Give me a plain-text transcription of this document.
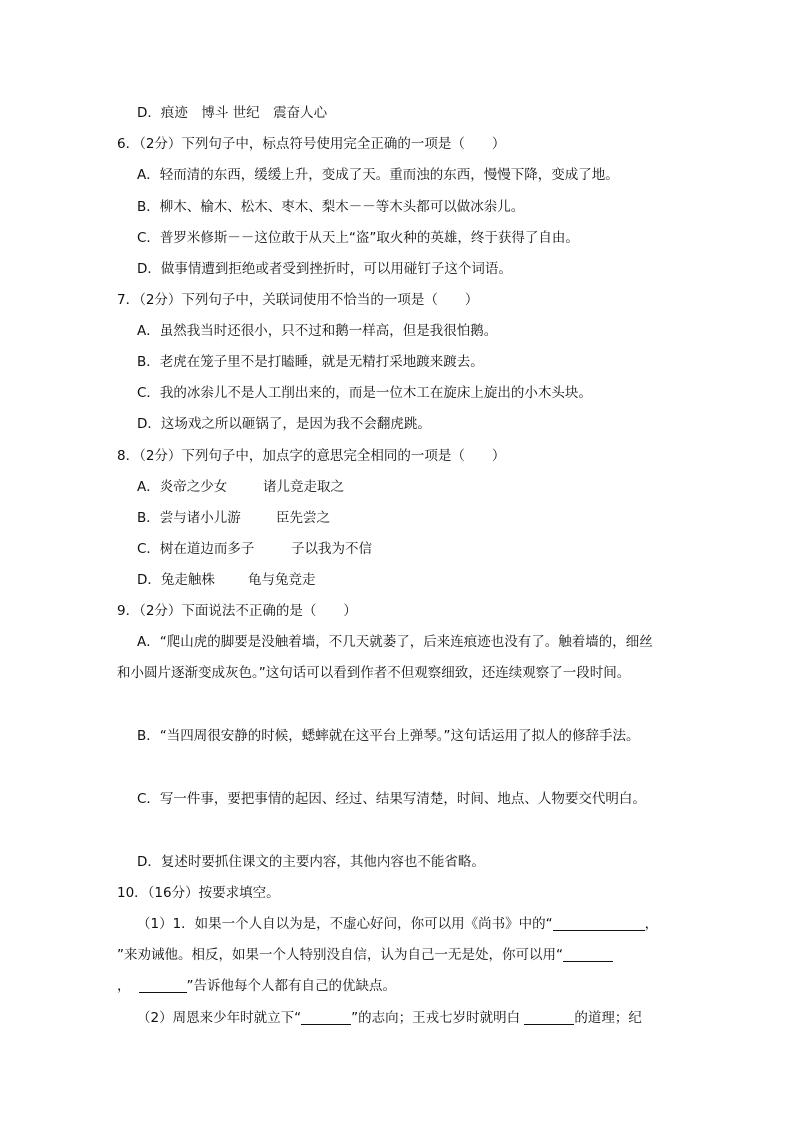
D．痕迹　博斗 世纪　震奋人心
6．（2分）下列句子中，标点符号使用完全正确的一项是（　　）
A．轻而清的东西，缓缓上升，变成了天。重而浊的东西，慢慢下降，变成了地。
B．柳木、榆木、松木、枣木、梨木－－等木头都可以做冰尜儿。
C．普罗米修斯－－这位敢于从天上“盗”取火种的英雄，终于获得了自由。
D．做事情遭到拒绝或者受到挫折时，可以用碰钉子这个词语。
7．（2分）下列句子中，关联词使用不恰当的一项是（　　）
A．虽然我当时还很小，只不过和鹅一样高，但是我很怕鹅。
B．老虎在笼子里不是打瞌睡，就是无精打采地踱来踱去。
C．我的冰尜儿不是人工削出来的，而是一位木工在旋床上旋出的小木头块。
D．这场戏之所以砸锅了，是因为我不会翻虎跳。
8．（2分）下列句子中，加点字的意思完全相同的一项是（　　）
A．炎帝之少女	诸儿竞走取之
B．尝与诸小儿游	臣先尝之
C．树在道边而多子	子以我为不信
D．兔走触株 龟与兔竞走
9．（2分）下面说法不正确的是（　　）
A．“爬山虎的脚要是没触着墙，不几天就萎了，后来连痕迹也没有了。触着墙的，细丝
和小圆片逐渐变成灰色。”这句话可以看到作者不但观察细致，还连续观察了一段时间。
B．“当四周很安静的时候，蟋蟀就在这平台上弹琴。”这句话运用了拟人的修辞手法。
C．写一件事，要把事情的起因、经过、结果写清楚，时间、地点、人物要交代明白。
D．复述时要抓住课文的主要内容，其他内容也不能省略。
10．（16分）按要求填空。
（1）1．如果一个人自以为是，不虚心好问，你可以用《尚书》中的“	，
”来劝诫他。相反，如果一个人特别没自信，认为自己一无是处，你可以用“
，	”告诉他每个人都有自己的优缺点。
（2）周恩来少年时就立下“	”的志向；王戎七岁时就明白	的道理；纪
